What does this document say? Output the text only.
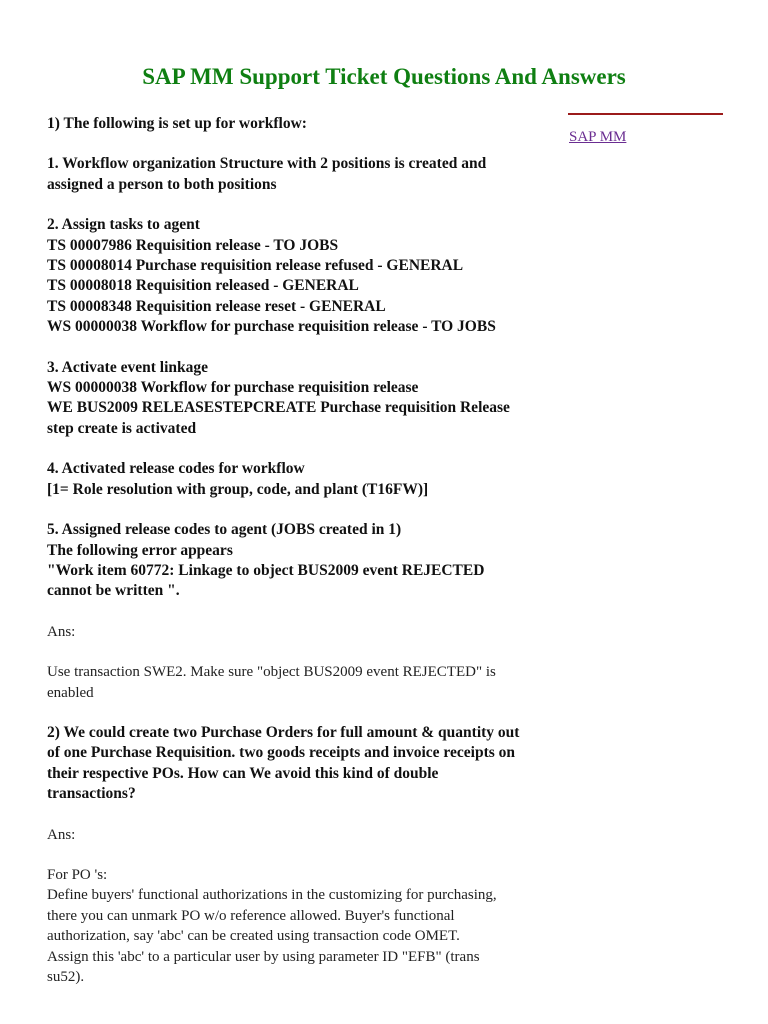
SAP MM Support Ticket Questions And Answers
SAP MM

1) The following is set up for workflow:

1. Workflow organization Structure with 2 positions is created and
assigned a person to both positions

2. Assign tasks to agent
TS 00007986 Requisition release - TO JOBS
TS 00008014 Purchase requisition release refused - GENERAL
TS 00008018 Requisition released - GENERAL
TS 00008348 Requisition release reset - GENERAL
WS 00000038 Workflow for purchase requisition release - TO JOBS

3. Activate event linkage
WS 00000038 Workflow for purchase requisition release
WE BUS2009 RELEASESTEPCREATE Purchase requisition Release
step create is activated

4. Activated release codes for workflow
[1= Role resolution with group, code, and plant (T16FW)]

5. Assigned release codes to agent (JOBS created in 1)
The following error appears
"Work item 60772: Linkage to object BUS2009 event REJECTED
cannot be written ".

Ans:

Use transaction SWE2. Make sure "object BUS2009 event REJECTED" is
enabled

2) We could create two Purchase Orders for full amount & quantity out
of one Purchase Requisition. two goods receipts and invoice receipts on
their respective POs. How can We avoid this kind of double
transactions?

Ans:

For PO 's:
Define buyers' functional authorizations in the customizing for purchasing,
there you can unmark PO w/o reference allowed. Buyer's functional
authorization, say 'abc' can be created using transaction code OMET.
Assign this 'abc' to a particular user by using parameter ID "EFB" (trans
su52).
